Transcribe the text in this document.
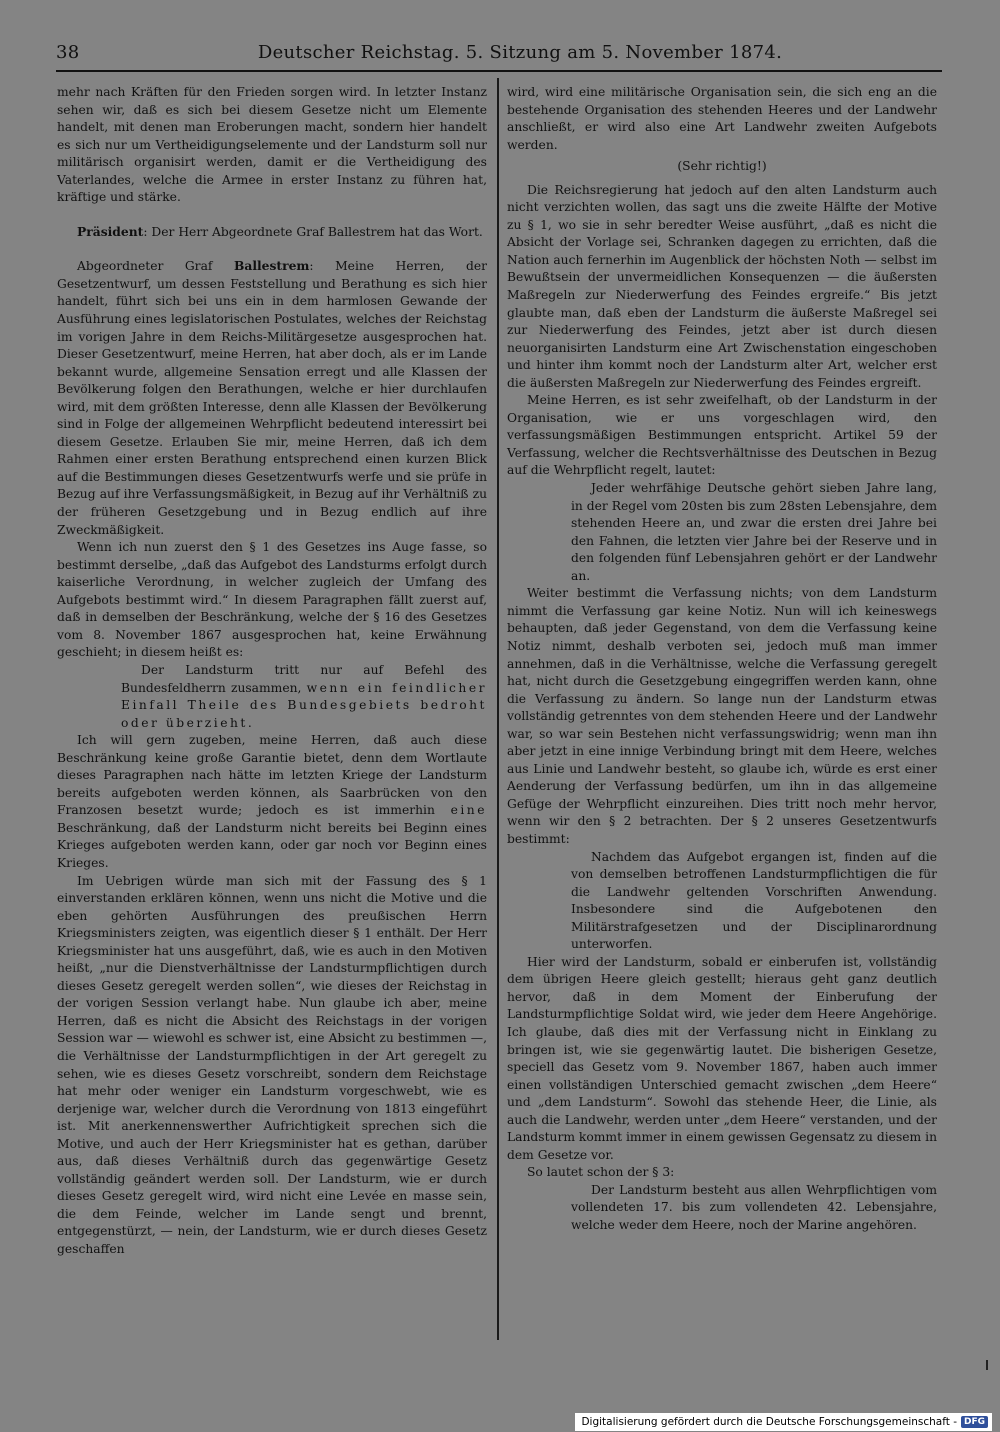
38	Deutscher Reichstag. 5. Sitzung am 5. November 1874.

mehr nach Kräften für den Frieden sorgen wird. In letzter Instanz sehen wir, daß es sich bei diesem Gesetze nicht um Elemente handelt, mit denen man Eroberungen macht, sondern hier handelt es sich nur um Vertheidigungselemente und der Landsturm soll nur militärisch organisirt werden, damit er die Vertheidigung des Vaterlandes, welche die Armee in erster Instanz zu führen hat, kräftige und stärke.

Präsident: Der Herr Abgeordnete Graf Ballestrem hat das Wort.

Abgeordneter Graf Ballestrem: Meine Herren, der Gesetzentwurf, um dessen Feststellung und Berathung es sich hier handelt, führt sich bei uns ein in dem harmlosen Gewande der Ausführung eines legislatorischen Postulates, welches der Reichstag im vorigen Jahre in dem Reichs-Militärgesetze ausgesprochen hat. Dieser Gesetzentwurf, meine Herren, hat aber doch, als er im Lande bekannt wurde, allgemeine Sensation erregt und alle Klassen der Bevölkerung folgen den Berathungen, welche er hier durchlaufen wird, mit dem größten Interesse, denn alle Klassen der Bevölkerung sind in Folge der allgemeinen Wehrpflicht bedeutend interessirt bei diesem Gesetze. Erlauben Sie mir, meine Herren, daß ich dem Rahmen einer ersten Berathung entsprechend einen kurzen Blick auf die Bestimmungen dieses Gesetzentwurfs werfe und sie prüfe in Bezug auf ihre Verfassungsmäßigkeit, in Bezug auf ihr Verhältniß zu der früheren Gesetzgebung und in Bezug endlich auf ihre Zweckmäßigkeit.

Wenn ich nun zuerst den § 1 des Gesetzes ins Auge fasse, so bestimmt derselbe, „daß das Aufgebot des Landsturms erfolgt durch kaiserliche Verordnung, in welcher zugleich der Umfang des Aufgebots bestimmt wird.“ In diesem Paragraphen fällt zuerst auf, daß in demselben der Beschränkung, welche der § 16 des Gesetzes vom 8. November 1867 ausgesprochen hat, keine Erwähnung geschieht; in diesem heißt es:

Der Landsturm tritt nur auf Befehl des Bundesfeldherrn zusammen, wenn ein feindlicher Einfall Theile des Bundesgebiets bedroht oder überzieht.

Ich will gern zugeben, meine Herren, daß auch diese Beschränkung keine große Garantie bietet, denn dem Wortlaute dieses Paragraphen nach hätte im letzten Kriege der Landsturm bereits aufgeboten werden können, als Saarbrücken von den Franzosen besetzt wurde; jedoch es ist immerhin eine Beschränkung, daß der Landsturm nicht bereits bei Beginn eines Krieges aufgeboten werden kann, oder gar noch vor Beginn eines Krieges.

Im Uebrigen würde man sich mit der Fassung des § 1 einverstanden erklären können, wenn uns nicht die Motive und die eben gehörten Ausführungen des preußischen Herrn Kriegsministers zeigten, was eigentlich dieser § 1 enthält. Der Herr Kriegsminister hat uns ausgeführt, daß, wie es auch in den Motiven heißt, „nur die Dienstverhältnisse der Landsturmpflichtigen durch dieses Gesetz geregelt werden sollen“, wie dieses der Reichstag in der vorigen Session verlangt habe. Nun glaube ich aber, meine Herren, daß es nicht die Absicht des Reichstags in der vorigen Session war — wiewohl es schwer ist, eine Absicht zu bestimmen —, die Verhältnisse der Landsturmpflichtigen in der Art geregelt zu sehen, wie es dieses Gesetz vorschreibt, sondern dem Reichstage hat mehr oder weniger ein Landsturm vorgeschwebt, wie es derjenige war, welcher durch die Verordnung von 1813 eingeführt ist. Mit anerkennenswerther Aufrichtigkeit sprechen sich die Motive, und auch der Herr Kriegsminister hat es gethan, darüber aus, daß dieses Verhältniß durch das gegenwärtige Gesetz vollständig geändert werden soll. Der Landsturm, wie er durch dieses Gesetz geregelt wird, wird nicht eine Levée en masse sein, die dem Feinde, welcher im Lande sengt und brennt, entgegenstürzt, — nein, der Landsturm, wie er durch dieses Gesetz geschaffen

wird, wird eine militärische Organisation sein, die sich eng an die bestehende Organisation des stehenden Heeres und der Landwehr anschließt, er wird also eine Art Landwehr zweiten Aufgebots werden.

(Sehr richtig!)

Die Reichsregierung hat jedoch auf den alten Landsturm auch nicht verzichten wollen, das sagt uns die zweite Hälfte der Motive zu § 1, wo sie in sehr beredter Weise ausführt, „daß es nicht die Absicht der Vorlage sei, Schranken dagegen zu errichten, daß die Nation auch fernerhin im Augenblick der höchsten Noth — selbst im Bewußtsein der unvermeidlichen Konsequenzen — die äußersten Maßregeln zur Niederwerfung des Feindes ergreife.“ Bis jetzt glaubte man, daß eben der Landsturm die äußerste Maßregel sei zur Niederwerfung des Feindes, jetzt aber ist durch diesen neuorganisirten Landsturm eine Art Zwischenstation eingeschoben und hinter ihm kommt noch der Landsturm alter Art, welcher erst die äußersten Maßregeln zur Niederwerfung des Feindes ergreift.

Meine Herren, es ist sehr zweifelhaft, ob der Landsturm in der Organisation, wie er uns vorgeschlagen wird, den verfassungsmäßigen Bestimmungen entspricht. Artikel 59 der Verfassung, welcher die Rechtsverhältnisse des Deutschen in Bezug auf die Wehrpflicht regelt, lautet:

Jeder wehrfähige Deutsche gehört sieben Jahre lang, in der Regel vom 20sten bis zum 28sten Lebensjahre, dem stehenden Heere an, und zwar die ersten drei Jahre bei den Fahnen, die letzten vier Jahre bei der Reserve und in den folgenden fünf Lebensjahren gehört er der Landwehr an.

Weiter bestimmt die Verfassung nichts; von dem Landsturm nimmt die Verfassung gar keine Notiz. Nun will ich keineswegs behaupten, daß jeder Gegenstand, von dem die Verfassung keine Notiz nimmt, deshalb verboten sei, jedoch muß man immer annehmen, daß in die Verhältnisse, welche die Verfassung geregelt hat, nicht durch die Gesetzgebung eingegriffen werden kann, ohne die Verfassung zu ändern. So lange nun der Landsturm etwas vollständig getrenntes von dem stehenden Heere und der Landwehr war, so war sein Bestehen nicht verfassungswidrig; wenn man ihn aber jetzt in eine innige Verbindung bringt mit dem Heere, welches aus Linie und Landwehr besteht, so glaube ich, würde es erst einer Aenderung der Verfassung bedürfen, um ihn in das allgemeine Gefüge der Wehrpflicht einzureihen. Dies tritt noch mehr hervor, wenn wir den § 2 betrachten. Der § 2 unseres Gesetzentwurfs bestimmt:

Nachdem das Aufgebot ergangen ist, finden auf die von demselben betroffenen Landsturmpflichtigen die für die Landwehr geltenden Vorschriften Anwendung. Insbesondere sind die Aufgebotenen den Militärstrafgesetzen und der Disciplinarordnung unterworfen.

Hier wird der Landsturm, sobald er einberufen ist, vollständig dem übrigen Heere gleich gestellt; hieraus geht ganz deutlich hervor, daß in dem Moment der Einberufung der Landsturmpflichtige Soldat wird, wie jeder dem Heere Angehörige. Ich glaube, daß dies mit der Verfassung nicht in Einklang zu bringen ist, wie sie gegenwärtig lautet. Die bisherigen Gesetze, speciell das Gesetz vom 9. November 1867, haben auch immer einen vollständigen Unterschied gemacht zwischen „dem Heere“ und „dem Landsturm“. Sowohl das stehende Heer, die Linie, als auch die Landwehr, werden unter „dem Heere“ verstanden, und der Landsturm kommt immer in einem gewissen Gegensatz zu diesem in dem Gesetze vor.

So lautet schon der § 3:

Der Landsturm besteht aus allen Wehrpflichtigen vom vollendeten 17. bis zum vollendeten 42. Lebensjahre, welche weder dem Heere, noch der Marine angehören.

Digitalisierung gefördert durch die Deutsche Forschungsgemeinschaft - DFG
